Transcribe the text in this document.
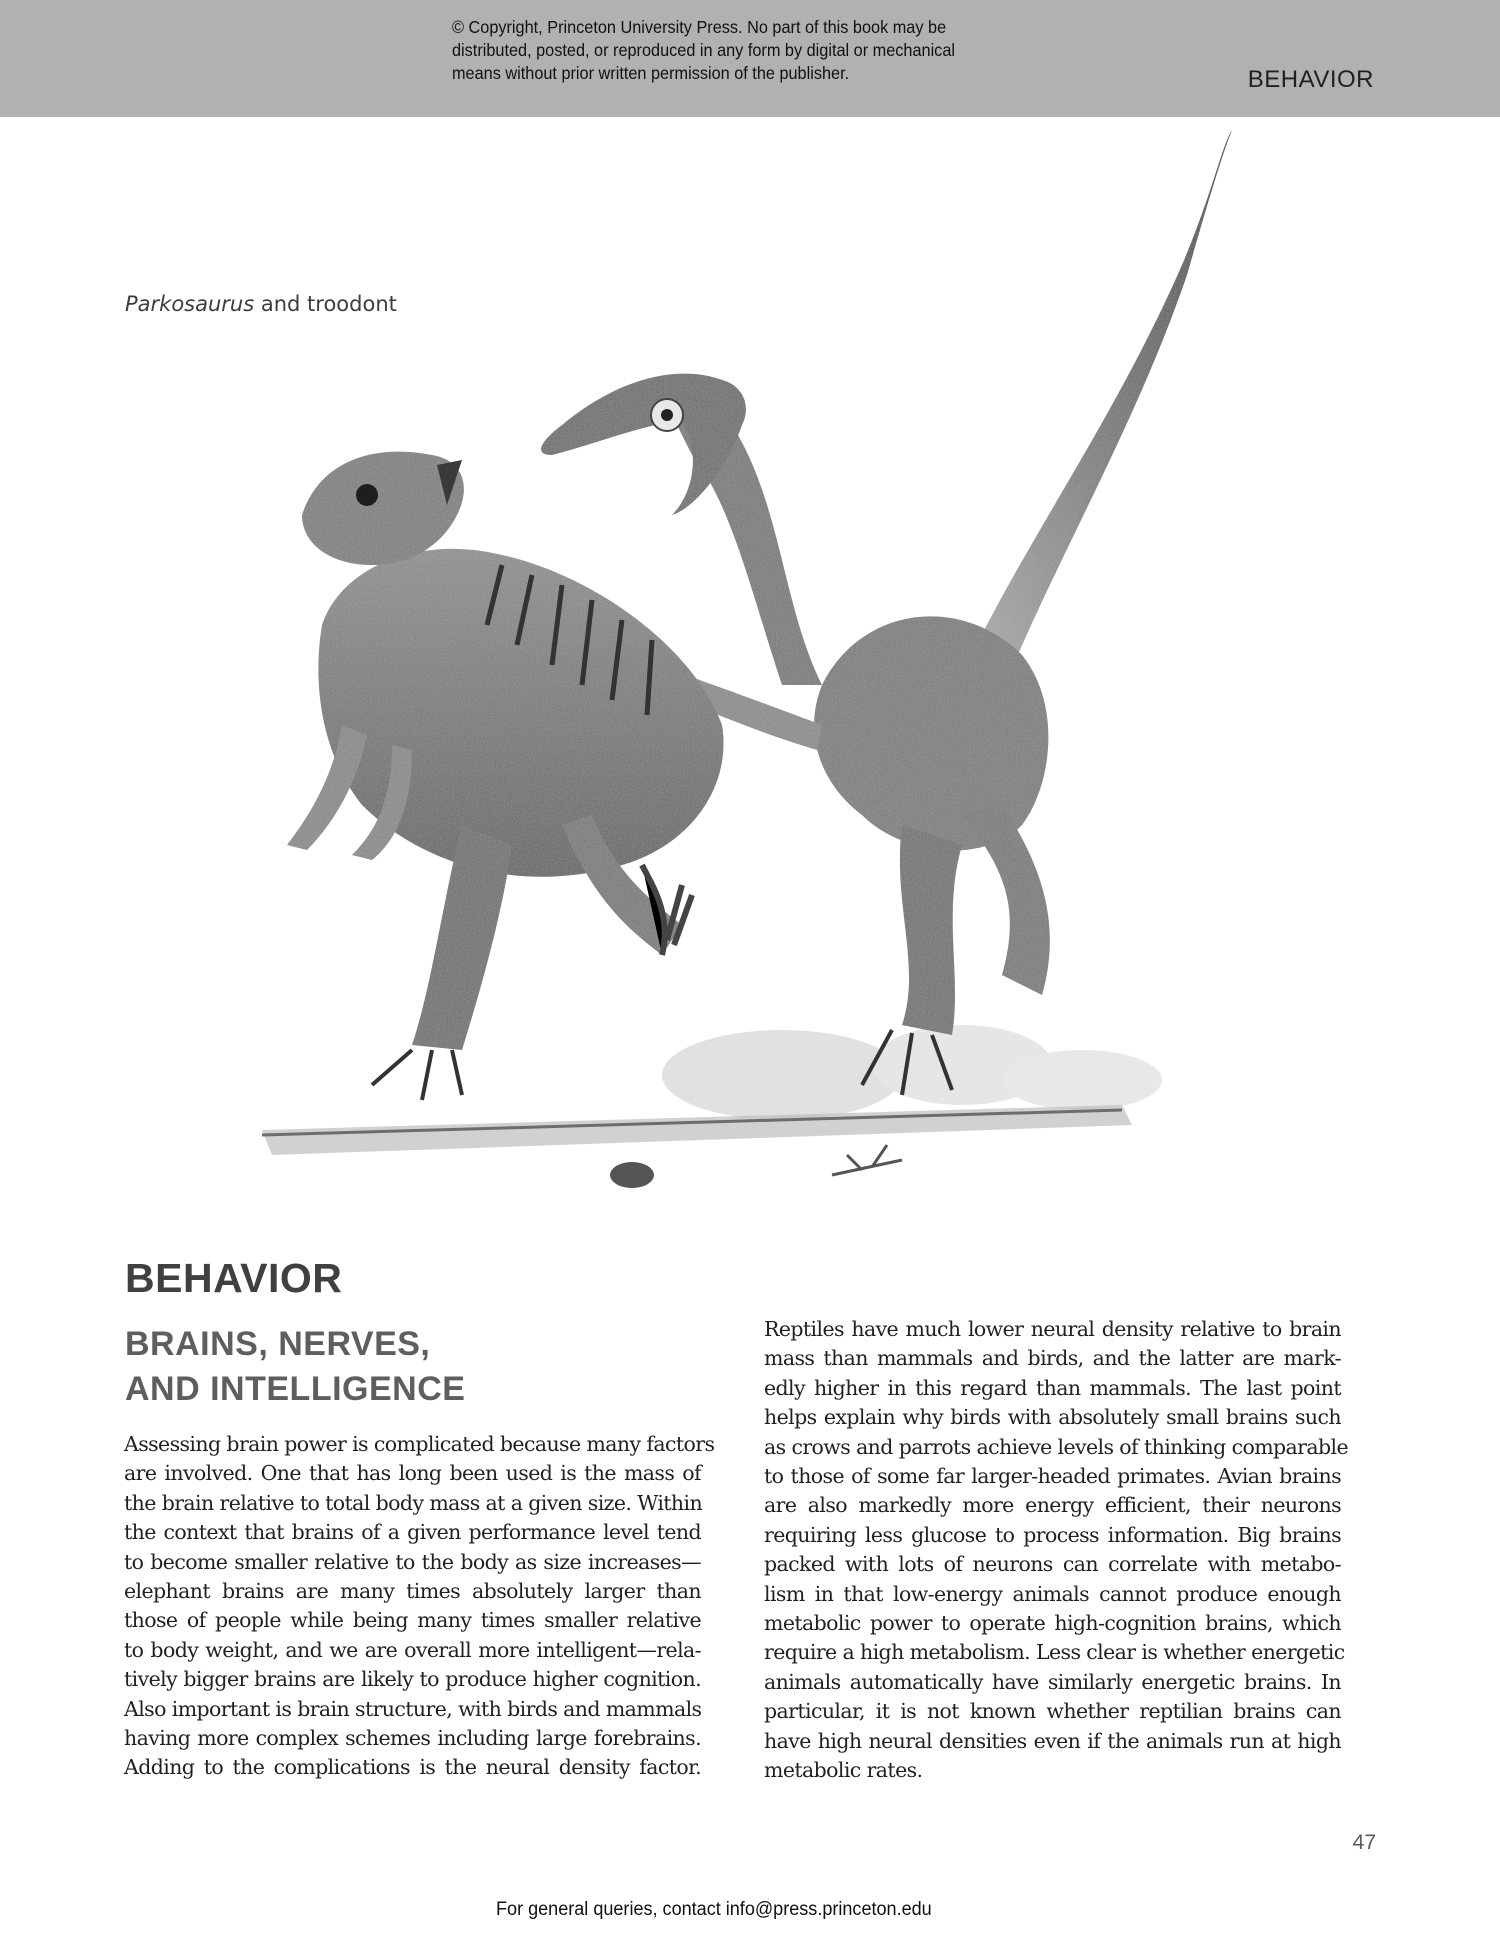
© Copyright, Princeton University Press. No part of this book may be
distributed, posted, or reproduced in any form by digital or mechanical
means without prior written permission of the publisher.	BEHAVIOR
Parkosaurus and troodont
BEHAVIOR
BRAINS, NERVES,
AND INTELLIGENCE
Assessing brain power is complicated because many factors
are involved. One that has long been used is the mass of
the brain relative to total body mass at a given size. Within
the context that brains of a given performance level tend
to become smaller relative to the body as size increases—
elephant brains are many times absolutely larger than
those of people while being many times smaller relative
to body weight, and we are overall more intelligent—rela-
tively bigger brains are likely to produce higher cognition.
Also important is brain structure, with birds and mammals
having more complex schemes including large forebrains.
Adding to the complications is the neural density factor.
Reptiles have much lower neural density relative to brain
mass than mammals and birds, and the latter are mark-
edly higher in this regard than mammals. The last point
helps explain why birds with absolutely small brains such
as crows and parrots achieve levels of thinking comparable
to those of some far larger-headed primates. Avian brains
are also markedly more energy efficient, their neurons
requiring less glucose to process information. Big brains
packed with lots of neurons can correlate with metabo-
lism in that low-energy animals cannot produce enough
metabolic power to operate high-cognition brains, which
require a high metabolism. Less clear is whether energetic
animals automatically have similarly energetic brains. In
particular, it is not known whether reptilian brains can
have high neural densities even if the animals run at high
metabolic rates.
47
For general queries, contact info@press.princeton.edu
